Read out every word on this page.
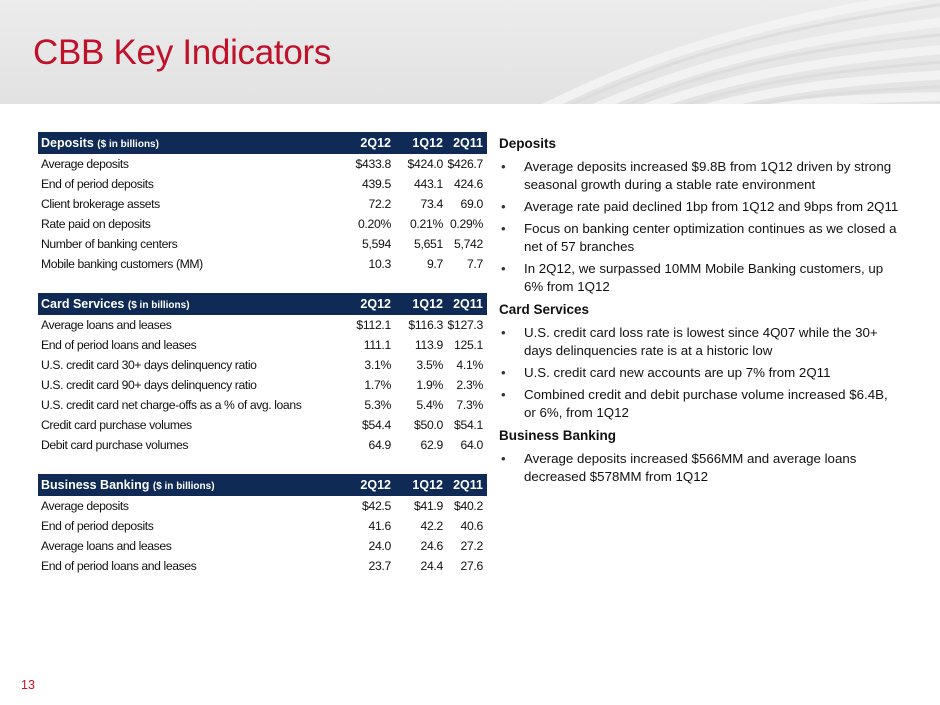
CBB Key Indicators
Deposits ($ in billions)	2Q12	1Q12 2Q11
Average deposits	$433.8	$424.0 $426.7
End of period deposits	439.5	443.1 424.6
Client brokerage assets	72.2	73.4	69.0
Rate paid on deposits	0.20%	0.21% 0.29%
Number of banking centers	5,594	5,651 5,742
Mobile banking customers (MM)	10.3	9.7	7.7
Card Services ($ in billions)	2Q12	1Q12 2Q11
Average loans and leases	$112.1	$116.3 $127.3
End of period loans and leases	111.1	113.9 125.1
U.S. credit card 30+ days delinquency ratio	3.1%	3.5%	4.1%
U.S. credit card 90+ days delinquency ratio	1.7%	1.9%	2.3%
U.S. credit card net charge-offs as a % of avg. loans	5.3%	5.4%	7.3%
Credit card purchase volumes	$54.4	$50.0 $54.1
Debit card purchase volumes	64.9	62.9	64.0
Business Banking ($ in billions)	2Q12	1Q12 2Q11
Average deposits	$42.5	$41.9 $40.2
End of period deposits	41.6	42.2	40.6
Average loans and leases	24.0	24.6	27.2
End of period loans and leases	23.7	24.4	27.6
Deposits
• Average deposits increased $9.8B from 1Q12 driven by strong seasonal growth during a stable rate environment
• Average rate paid declined 1bp from 1Q12 and 9bps from 2Q11
• Focus on banking center optimization continues as we closed a net of 57 branches
• In 2Q12, we surpassed 10MM Mobile Banking customers, up 6% from 1Q12
Card Services
• U.S. credit card loss rate is lowest since 4Q07 while the 30+ days delinquencies rate is at a historic low
• U.S. credit card new accounts are up 7% from 2Q11
• Combined credit and debit purchase volume increased $6.4B, or 6%, from 1Q12
Business Banking
• Average deposits increased $566MM and average loans decreased $578MM from 1Q12
13
